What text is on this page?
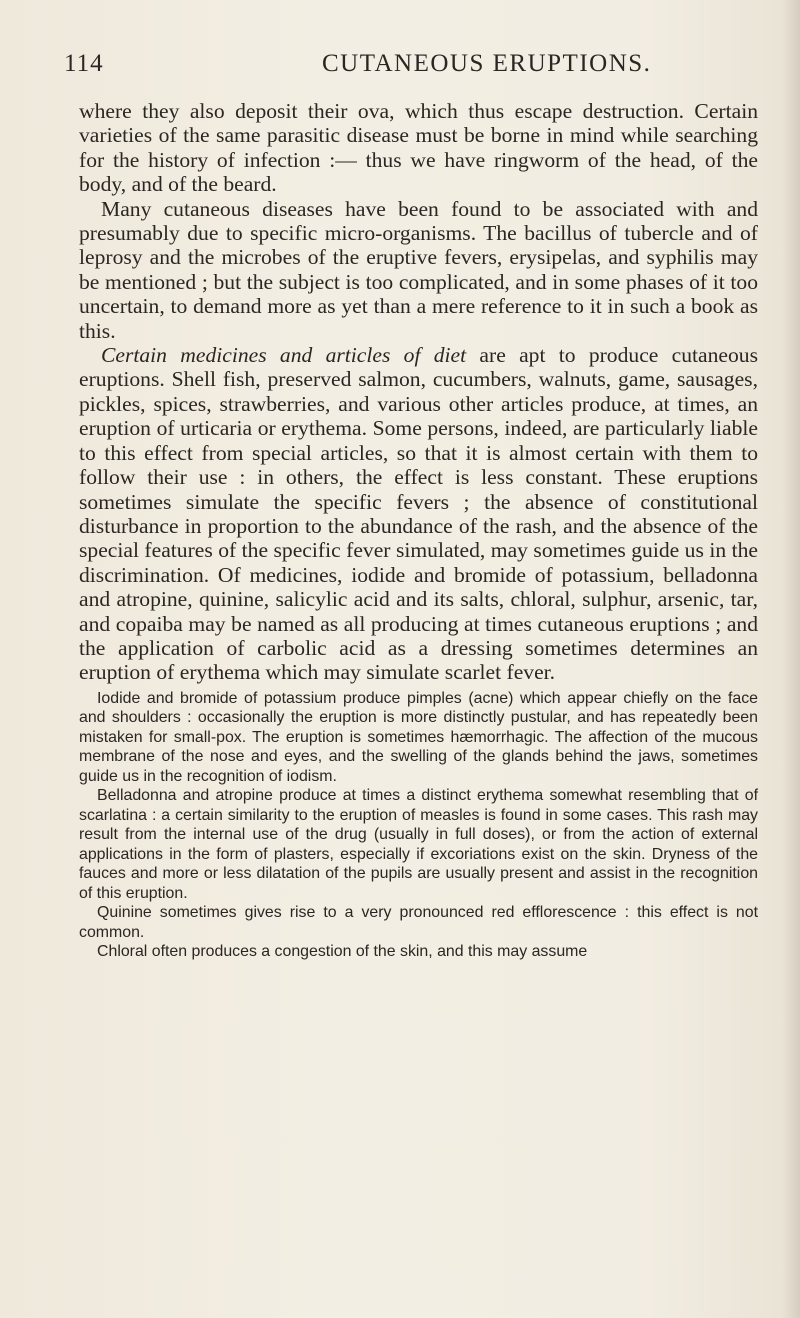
114	CUTANEOUS ERUPTIONS.

where they also deposit their ova, which thus escape destruction. Certain varieties of the same parasitic disease must be borne in mind while searching for the history of infection :— thus we have ringworm of the head, of the body, and of the beard.

Many cutaneous diseases have been found to be associated with and presumably due to specific micro-organisms. The bacillus of tubercle and of leprosy and the microbes of the eruptive fevers, erysipelas, and syphilis may be mentioned ; but the subject is too complicated, and in some phases of it too uncertain, to demand more as yet than a mere reference to it in such a book as this.

Certain medicines and articles of diet are apt to produce cutaneous eruptions. Shell fish, preserved salmon, cucumbers, walnuts, game, sausages, pickles, spices, strawberries, and various other articles produce, at times, an eruption of urticaria or erythema. Some persons, indeed, are particularly liable to this effect from special articles, so that it is almost certain with them to follow their use : in others, the effect is less constant. These eruptions sometimes simulate the specific fevers ; the absence of constitutional disturbance in proportion to the abundance of the rash, and the absence of the special features of the specific fever simulated, may sometimes guide us in the discrimination. Of medicines, iodide and bromide of potassium, belladonna and atropine, quinine, salicylic acid and its salts, chloral, sulphur, arsenic, tar, and copaiba may be named as all producing at times cutaneous eruptions ; and the application of carbolic acid as a dressing sometimes determines an eruption of erythema which may simulate scarlet fever.

Iodide and bromide of potassium produce pimples (acne) which appear chiefly on the face and shoulders : occasionally the eruption is more distinctly pustular, and has repeatedly been mistaken for small-pox. The eruption is sometimes hæmorrhagic. The affection of the mucous membrane of the nose and eyes, and the swelling of the glands behind the jaws, sometimes guide us in the recognition of iodism.

Belladonna and atropine produce at times a distinct erythema somewhat resembling that of scarlatina : a certain similarity to the eruption of measles is found in some cases. This rash may result from the internal use of the drug (usually in full doses), or from the action of external applications in the form of plasters, especially if excoriations exist on the skin. Dryness of the fauces and more or less dilatation of the pupils are usually present and assist in the recognition of this eruption.

Quinine sometimes gives rise to a very pronounced red efflorescence : this effect is not common.

Chloral often produces a congestion of the skin, and this may assume
